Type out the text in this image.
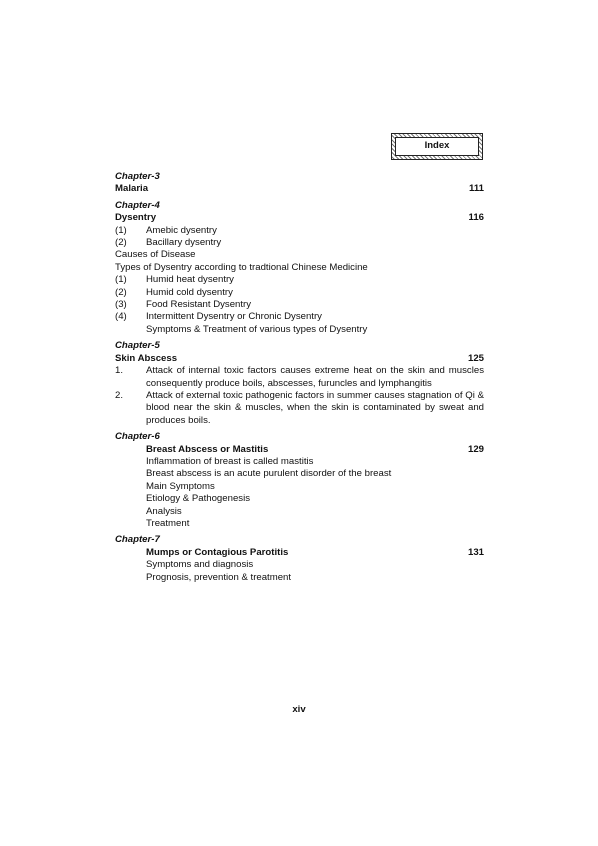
Index
Chapter-3
Malaria	111
Chapter-4
Dysentry	116
(1)	Amebic dysentry
(2)	Bacillary dysentry
Causes of Disease
Types of Dysentry according to tradtional Chinese Medicine
(1)	Humid heat dysentry
(2)	Humid cold dysentry
(3)	Food Resistant Dysentry
(4)	Intermittent Dysentry or Chronic Dysentry
Symptoms & Treatment of various types of Dysentry
Chapter-5
Skin Abscess	125
1.	Attack of internal toxic factors causes extreme heat on the skin and muscles consequently produce boils, abscesses, furuncles and lymphangitis
2.	Attack of external toxic pathogenic factors in summer causes stagnation of Qi & blood near the skin & muscles, when the skin is contaminated by sweat and produces boils.
Chapter-6
Breast Abscess or Mastitis	129
Inflammation of breast is called mastitis
Breast abscess is an acute purulent disorder of the breast
Main Symptoms
Etiology & Pathogenesis
Analysis
Treatment
Chapter-7
Mumps or Contagious Parotitis	131
Symptoms and diagnosis
Prognosis, prevention & treatment
xiv
